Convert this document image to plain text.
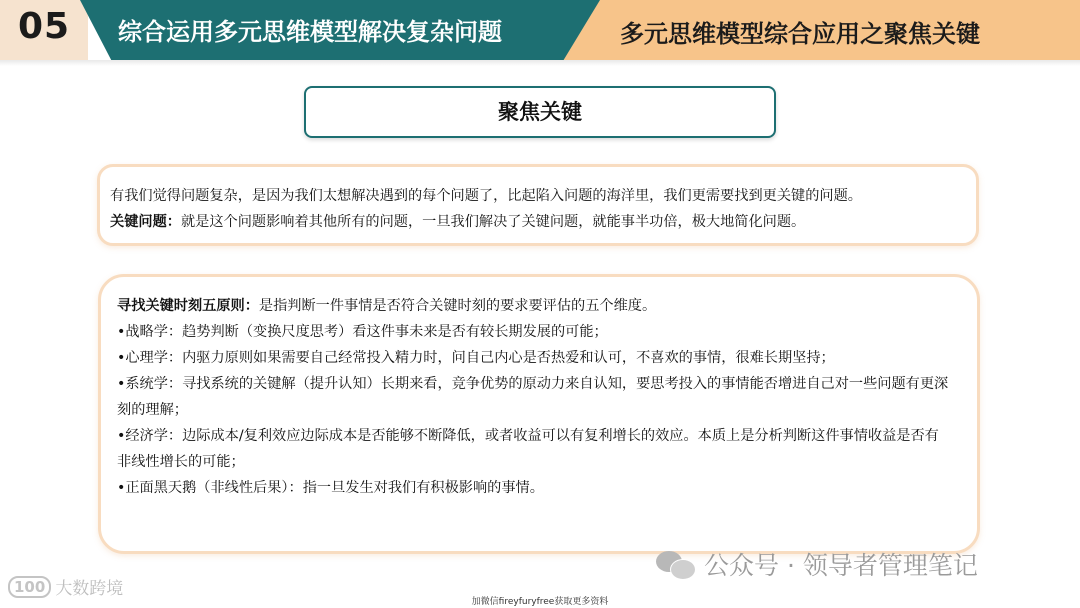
05 综合运用多元思维模型解决复杂问题	多元思维模型综合应用之聚焦关键
聚焦关键
有我们觉得问题复杂，是因为我们太想解决遇到的每个问题了，比起陷入问题的海洋里，我们更需要找到更关键的问题。
关键问题：就是这个问题影响着其他所有的问题，一旦我们解决了关键问题，就能事半功倍，极大地简化问题。
寻找关键时刻五原则：是指判断一件事情是否符合关键时刻的要求要评估的五个维度。
•战略学：趋势判断（变换尺度思考）看这件事未来是否有较长期发展的可能；
•心理学：内驱力原则如果需要自己经常投入精力时，问自己内心是否热爱和认可，不喜欢的事情，很难长期坚持；
•系统学：寻找系统的关键解（提升认知）长期来看，竞争优势的原动力来自认知，要思考投入的事情能否增进自己对一些问题有更深刻的理解；
•经济学：边际成本/复利效应边际成本是否能够不断降低，或者收益可以有复利增长的效应。本质上是分析判断这件事情收益是否有非线性增长的可能；
•正面黑天鹅（非线性后果）：指一旦发生对我们有积极影响的事情。
100 大数跨境
公众号 · 领导者管理笔记
加微信fireyfuryfree获取更多资料
